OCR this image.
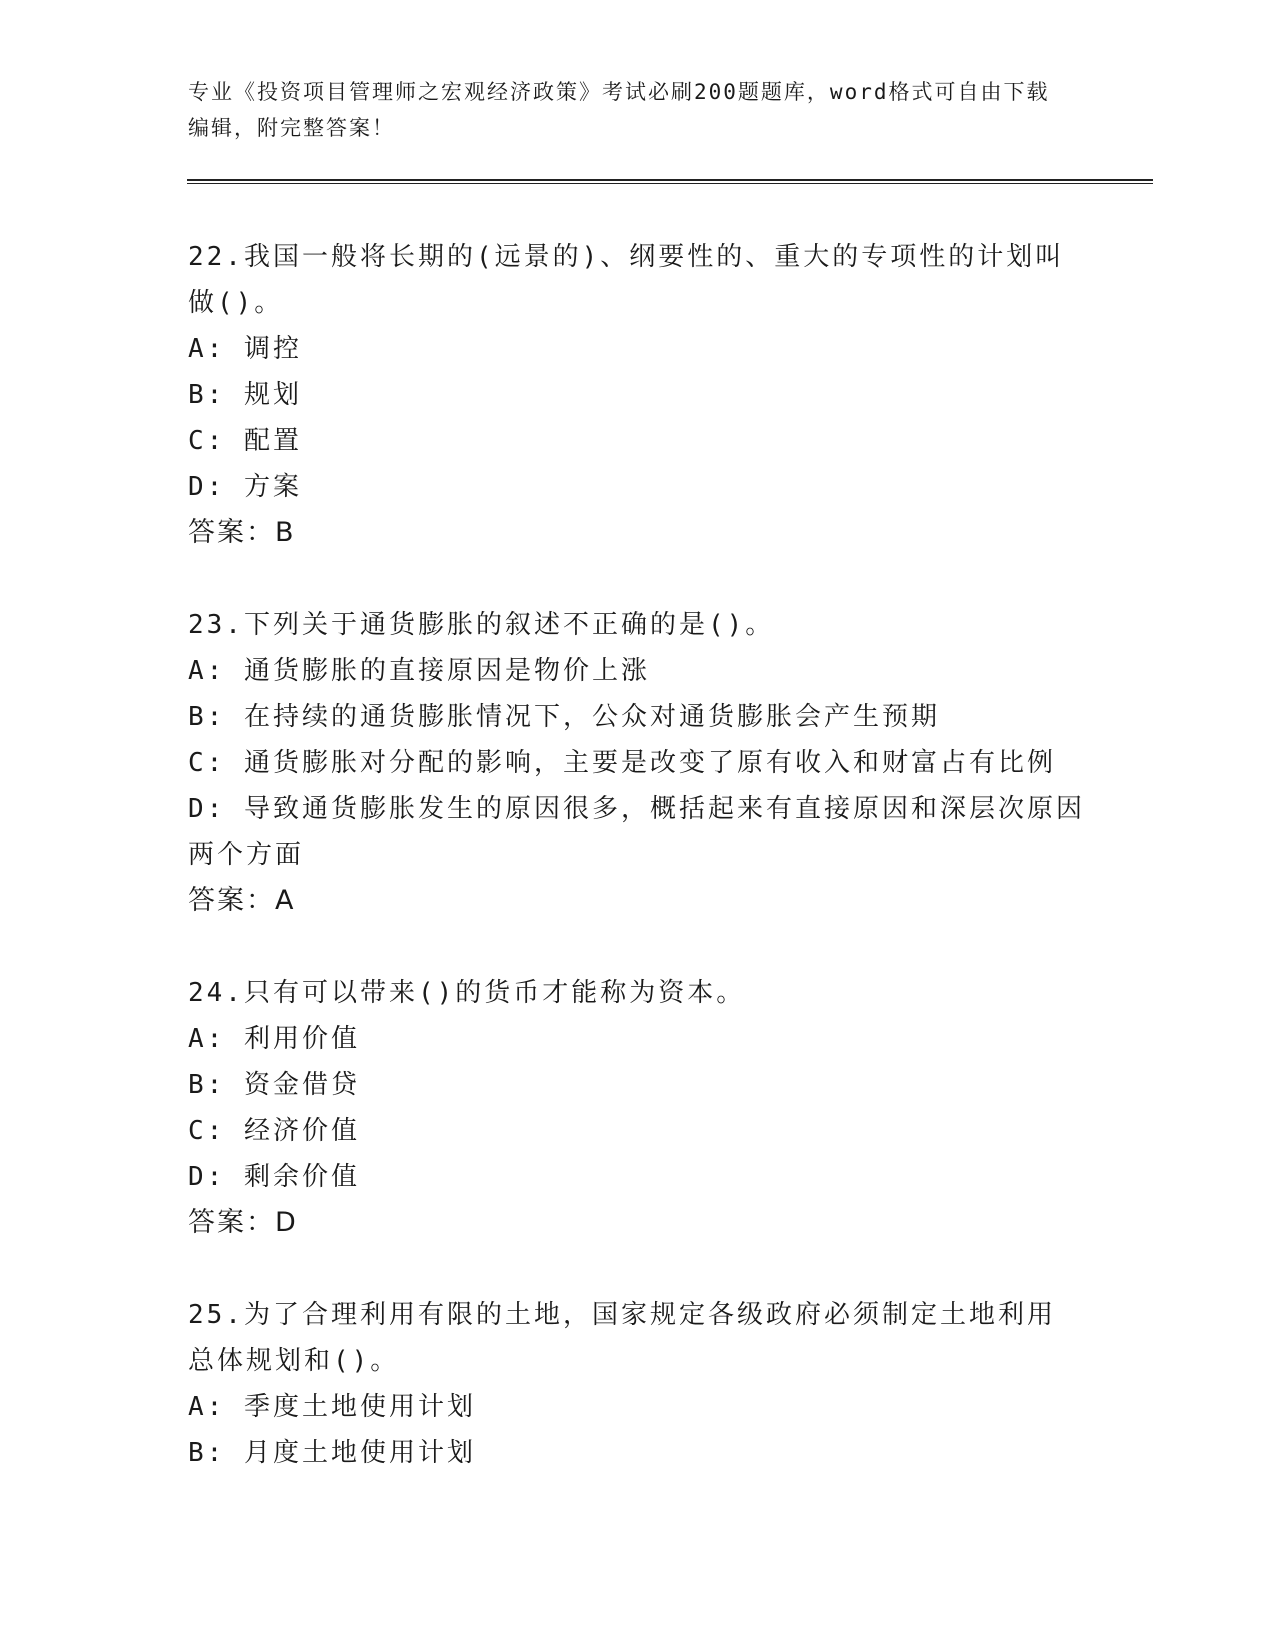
专业《投资项目管理师之宏观经济政策》考试必刷200题题库，word格式可自由下载编辑，附完整答案！

22.我国一般将长期的(远景的)、纲要性的、重大的专项性的计划叫做()。

A: 调控

B: 规划

C: 配置

D: 方案

答案：B

23.下列关于通货膨胀的叙述不正确的是()。

A: 通货膨胀的直接原因是物价上涨

B: 在持续的通货膨胀情况下，公众对通货膨胀会产生预期

C: 通货膨胀对分配的影响，主要是改变了原有收入和财富占有比例

D: 导致通货膨胀发生的原因很多，概括起来有直接原因和深层次原因两个方面

答案：A

24.只有可以带来()的货币才能称为资本。

A: 利用价值

B: 资金借贷

C: 经济价值

D: 剩余价值

答案：D

25.为了合理利用有限的土地，国家规定各级政府必须制定土地利用总体规划和()。

A: 季度土地使用计划

B: 月度土地使用计划
